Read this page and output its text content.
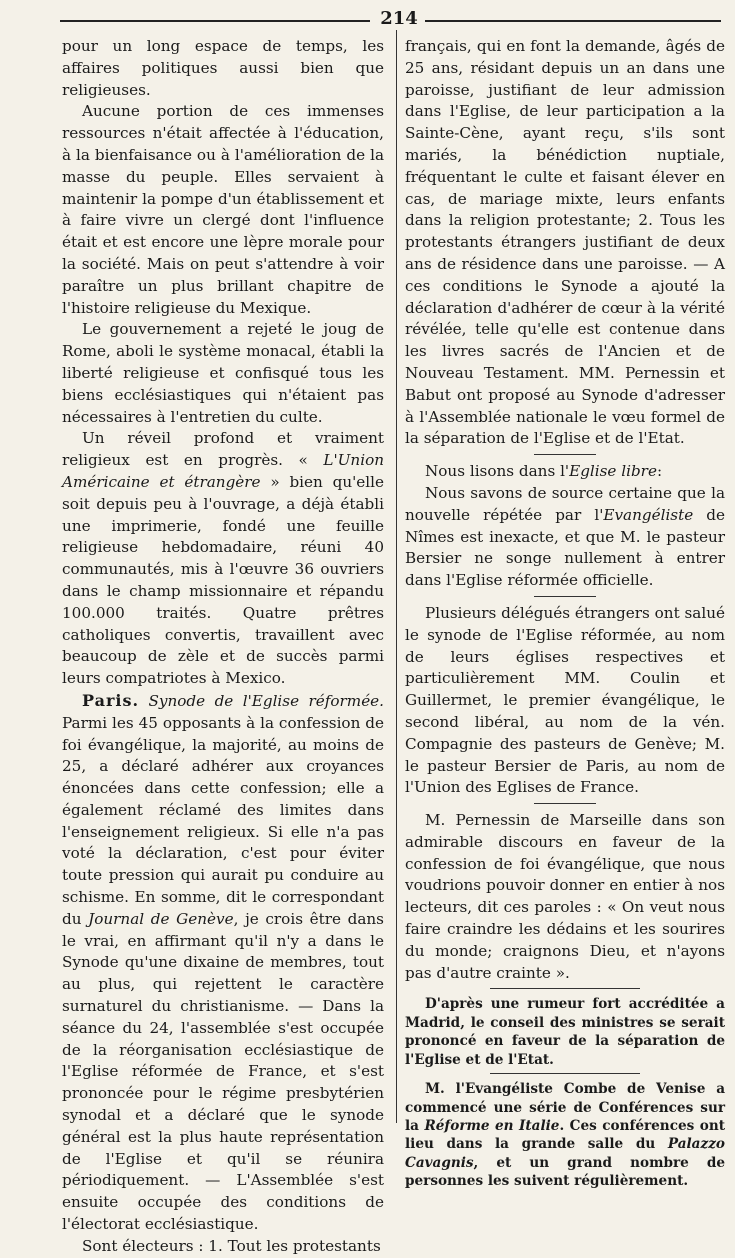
214

pour un long espace de temps, les affaires politiques aussi bien que religieuses.

Aucune portion de ces immenses ressources n'était affectée à l'éducation, à la bienfaisance ou à l'amélioration de la masse du peuple. Elles servaient à maintenir la pompe d'un établissement et à faire vivre un clergé dont l'influence était et est encore une lèpre morale pour la société. Mais on peut s'attendre à voir paraître un plus brillant chapitre de l'histoire religieuse du Mexique.

Le gouvernement a rejeté le joug de Rome, aboli le système monacal, établi la liberté religieuse et confisqué tous les biens ecclésiastiques qui n'étaient pas nécessaires à l'entretien du culte.

Un réveil profond et vraiment religieux est en progrès. « L'Union Américaine et étrangère » bien qu'elle soit depuis peu à l'ouvrage, a déjà établi une imprimerie, fondé une feuille religieuse hebdomadaire, réuni 40 communautés, mis à l'œuvre 36 ouvriers dans le champ missionnaire et répandu 100.000 traités. Quatre prêtres catholiques convertis, travaillent avec beaucoup de zèle et de succès parmi leurs compatriotes à Mexico.

Paris. Synode de l'Eglise réformée. Parmi les 45 opposants à la confession de foi évangélique, la majorité, au moins de 25, a déclaré adhérer aux croyances énoncées dans cette confession; elle a également réclamé des limites dans l'enseignement religieux. Si elle n'a pas voté la déclaration, c'est pour éviter toute pression qui aurait pu conduire au schisme. En somme, dit le correspondant du Journal de Genève, je crois être dans le vrai, en affirmant qu'il n'y a dans le Synode qu'une dixaine de membres, tout au plus, qui rejettent le caractère surnaturel du christianisme. — Dans la séance du 24, l'assemblée s'est occupée de la réorganisation ecclésiastique de l'Eglise réformée de France, et s'est prononcée pour le régime presbytérien synodal et a déclaré que le synode général est la plus haute représentation de l'Eglise et qu'il se réunira périodiquement. — L'Assemblée s'est ensuite occupée des conditions de l'électorat ecclésiastique.

Sont électeurs : 1. Tout les protestants

français, qui en font la demande, âgés de 25 ans, résidant depuis un an dans une paroisse, justifiant de leur admission dans l'Eglise, de leur participation a la Sainte-Cène, ayant reçu, s'ils sont mariés, la bénédiction nuptiale, fréquentant le culte et faisant élever en cas, de mariage mixte, leurs enfants dans la religion protestante; 2. Tous les protestants étrangers justifiant de deux ans de résidence dans une paroisse. — A ces conditions le Synode a ajouté la déclaration d'adhérer de cœur à la vérité révélée, telle qu'elle est contenue dans les livres sacrés de l'Ancien et de Nouveau Testament. MM. Pernessin et Babut ont proposé au Synode d'adresser à l'Assemblée nationale le vœu formel de la séparation de l'Eglise et de l'Etat.

Nous lisons dans l'Eglise libre:

Nous savons de source certaine que la nouvelle répétée par l'Evangéliste de Nîmes est inexacte, et que M. le pasteur Bersier ne songe nullement à entrer dans l'Eglise réformée officielle.

Plusieurs délégués étrangers ont salué le synode de l'Eglise réformée, au nom de leurs églises respectives et particulièrement MM. Coulin et Guillermet, le premier évangélique, le second libéral, au nom de la vén. Compagnie des pasteurs de Genève; M. le pasteur Bersier de Paris, au nom de l'Union des Eglises de France.

M. Pernessin de Marseille dans son admirable discours en faveur de la confession de foi évangélique, que nous voudrions pouvoir donner en entier à nos lecteurs, dit ces paroles : « On veut nous faire craindre les dédains et les sourires du monde; craignons Dieu, et n'ayons pas d'autre crainte ».

D'après une rumeur fort accréditée a Madrid, le conseil des ministres se serait prononcé en faveur de la séparation de l'Eglise et de l'Etat.

M. l'Evangéliste Combe de Venise a commencé une série de Conférences sur la Réforme en Italie. Ces conférences ont lieu dans la grande salle du Palazzo Cavagnis, et un grand nombre de personnes les suivent régulièrement.
